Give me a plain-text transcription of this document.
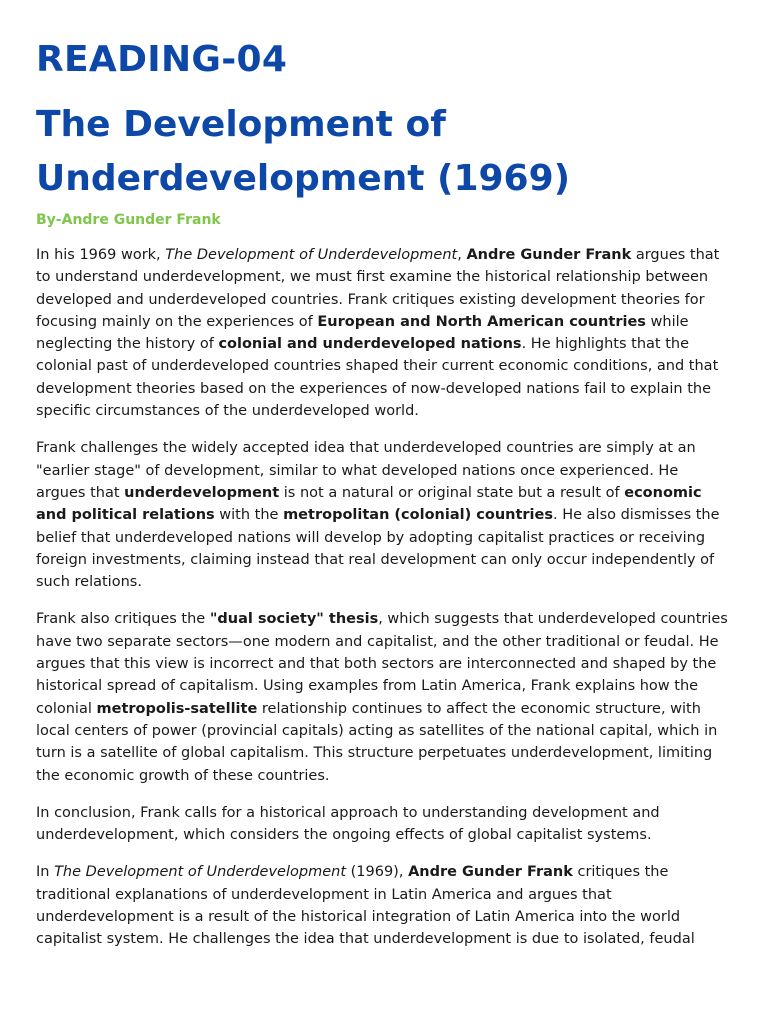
READING-04
The Development of
Underdevelopment (1969)
By-Andre Gunder Frank

In his 1969 work, The Development of Underdevelopment, Andre Gunder Frank argues that to understand underdevelopment, we must first examine the historical relationship between developed and underdeveloped countries. Frank critiques existing development theories for focusing mainly on the experiences of European and North American countries while neglecting the history of colonial and underdeveloped nations. He highlights that the colonial past of underdeveloped countries shaped their current economic conditions, and that development theories based on the experiences of now-developed nations fail to explain the specific circumstances of the underdeveloped world.

Frank challenges the widely accepted idea that underdeveloped countries are simply at an "earlier stage" of development, similar to what developed nations once experienced. He argues that underdevelopment is not a natural or original state but a result of economic and political relations with the metropolitan (colonial) countries. He also dismisses the belief that underdeveloped nations will develop by adopting capitalist practices or receiving foreign investments, claiming instead that real development can only occur independently of such relations.

Frank also critiques the "dual society" thesis, which suggests that underdeveloped countries have two separate sectors—one modern and capitalist, and the other traditional or feudal. He argues that this view is incorrect and that both sectors are interconnected and shaped by the historical spread of capitalism. Using examples from Latin America, Frank explains how the colonial metropolis-satellite relationship continues to affect the economic structure, with local centers of power (provincial capitals) acting as satellites of the national capital, which in turn is a satellite of global capitalism. This structure perpetuates underdevelopment, limiting the economic growth of these countries.

In conclusion, Frank calls for a historical approach to understanding development and underdevelopment, which considers the ongoing effects of global capitalist systems.

In The Development of Underdevelopment (1969), Andre Gunder Frank critiques the traditional explanations of underdevelopment in Latin America and argues that underdevelopment is a result of the historical integration of Latin America into the world capitalist system. He challenges the idea that underdevelopment is due to isolated, feudal
